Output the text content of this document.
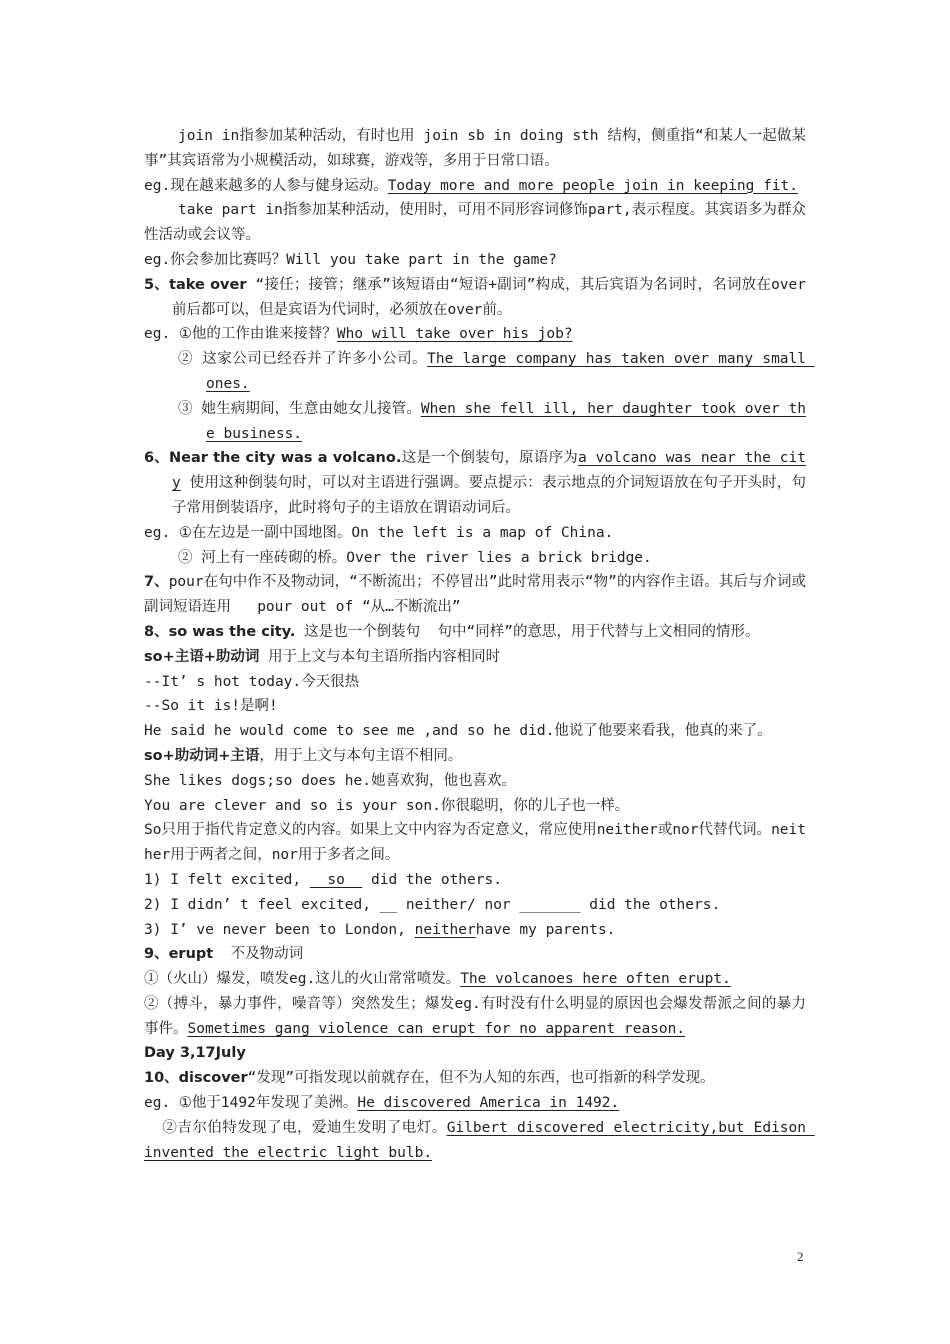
join in指参加某种活动，有时也用 join sb in doing sth 结构，侧重指“和某人一起做某事”其宾语常为小规模活动，如球赛，游戏等，多用于日常口语。

eg.现在越来越多的人参与健身运动。Today more and more people join in keeping fit.

take part in指参加某种活动，使用时，可用不同形容词修饰part,表示程度。其宾语多为群众性活动或会议等。

eg.你会参加比赛吗？Will you take part in the game?

5、take over “接任；接管；继承”该短语由“短语+副词”构成，其后宾语为名词时，名词放在over前后都可以，但是宾语为代词时，必须放在over前。

eg. ①他的工作由谁来接替？Who will take over his job?

② 这家公司已经吞并了许多小公司。The large company has taken over many small ones.

③ 她生病期间，生意由她女儿接管。When she fell ill, her daughter took over the business.

6、Near the city was a volcano.这是一个倒装句，原语序为a volcano was near the city 使用这种倒装句时，可以对主语进行强调。要点提示：表示地点的介词短语放在句子开头时，句子常用倒装语序，此时将句子的主语放在谓语动词后。

eg. ①在左边是一副中国地图。On the left is a map of China.

② 河上有一座砖砌的桥。Over the river lies a brick bridge.

7、pour在句中作不及物动词，“不断流出；不停冒出”此时常用表示“物”的内容作主语。其后与介词或副词短语连用   pour out of “从…不断流出”

8、so was the city. 这是也一个倒装句  句中“同样”的意思，用于代替与上文相同的情形。

so+主语+助动词 用于上文与本句主语所指内容相同时

--It’ s hot today.今天很热

--So it is!是啊!

He said he would come to see me ,and so he did.他说了他要来看我，他真的来了。

so+助动词+主语，用于上文与本句主语不相同。

She likes dogs;so does he.她喜欢狗，他也喜欢。

You are clever and so is your son.你很聪明，你的儿子也一样。

So只用于指代肯定意义的内容。如果上文中内容为否定意义，常应使用neither或nor代替代词。neither用于两者之间，nor用于多者之间。

1) I felt excited, __so__ did the others.

2) I didn’ t feel excited, __ neither/ nor _______ did the others.

3) I’ ve never been to London, neitherhave my parents.

9、erupt  不及物动词

①（火山）爆发，喷发eg.这儿的火山常常喷发。The volcanoes here often erupt.

②（搏斗，暴力事件，噪音等）突然发生；爆发eg.有时没有什么明显的原因也会爆发帮派之间的暴力事件。Sometimes gang violence can erupt for no apparent reason.

Day 3,17July

10、discover“发现”可指发现以前就存在，但不为人知的东西，也可指新的科学发现。

eg. ①他于1492年发现了美洲。He discovered America in 1492.

②吉尔伯特发现了电，爱迪生发明了电灯。Gilbert discovered electricity,but Edison invented the electric light bulb.

2
